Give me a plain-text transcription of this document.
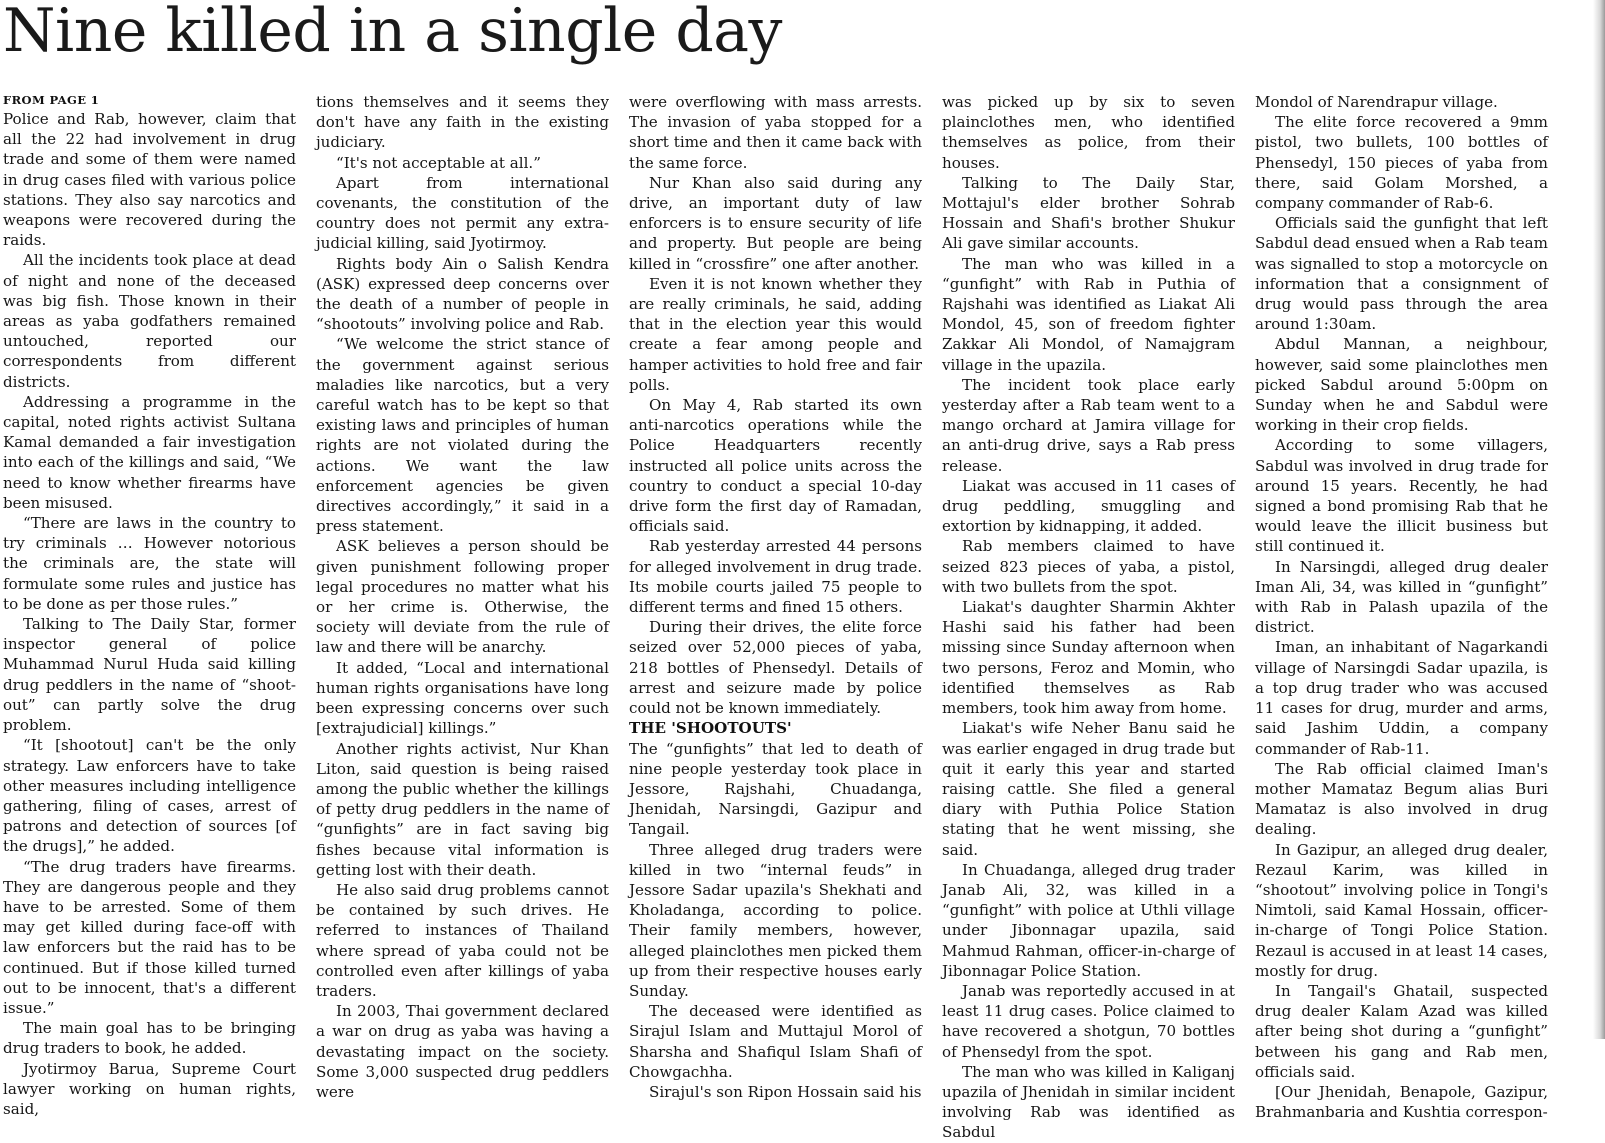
Nine killed in a single day
FROM PAGE 1

Police and Rab, however, claim that all the 22 had involvement in drug trade and some of them were named in drug cases filed with various police stations. They also say narcotics and weapons were recovered during the raids.

All the incidents took place at dead of night and none of the deceased was big fish. Those known in their areas as yaba godfathers remained untouched, reported our correspondents from different districts.

Addressing a programme in the capital, noted rights activist Sultana Kamal demanded a fair investigation into each of the killings and said, “We need to know whether firearms have been misused.

“There are laws in the country to try criminals … However notorious the criminals are, the state will formulate some rules and justice has to be done as per those rules.”

Talking to The Daily Star, former inspector general of police Muhammad Nurul Huda said killing drug peddlers in the name of “shoot-out” can partly solve the drug problem.

“It [shootout] can't be the only strategy. Law enforcers have to take other measures including intelligence gathering, filing of cases, arrest of patrons and detection of sources [of the drugs],” he added.

“The drug traders have firearms. They are dangerous people and they have to be arrested. Some of them may get killed during face-off with law enforcers but the raid has to be continued. But if those killed turned out to be innocent, that's a different issue.”

The main goal has to be bringing drug traders to book, he added.

Jyotirmoy Barua, Supreme Court lawyer working on human rights, said,

tions themselves and it seems they don't have any faith in the existing judiciary.

“It's not acceptable at all.”

Apart from international covenants, the constitution of the country does not permit any extra-judicial killing, said Jyotirmoy.

Rights body Ain o Salish Kendra (ASK) expressed deep concerns over the death of a number of people in “shootouts” involving police and Rab.

“We welcome the strict stance of the government against serious maladies like narcotics, but a very careful watch has to be kept so that existing laws and principles of human rights are not violated during the actions. We want the law enforcement agencies be given directives accordingly,” it said in a press statement.

ASK believes a person should be given punishment following proper legal procedures no matter what his or her crime is. Otherwise, the society will deviate from the rule of law and there will be anarchy.

It added, “Local and international human rights organisations have long been expressing concerns over such [extrajudicial] killings.”

Another rights activist, Nur Khan Liton, said question is being raised among the public whether the killings of petty drug peddlers in the name of “gunfights” are in fact saving big fishes because vital information is getting lost with their death.

He also said drug problems cannot be contained by such drives. He referred to instances of Thailand where spread of yaba could not be controlled even after killings of yaba traders.

In 2003, Thai government declared a war on drug as yaba was having a devastating impact on the society. Some 3,000 suspected drug peddlers were

were overflowing with mass arrests. The invasion of yaba stopped for a short time and then it came back with the same force.

Nur Khan also said during any drive, an important duty of law enforcers is to ensure security of life and property. But people are being killed in “crossfire” one after another.

Even it is not known whether they are really criminals, he said, adding that in the election year this would create a fear among people and hamper activities to hold free and fair polls.

On May 4, Rab started its own anti-narcotics operations while the Police Headquarters recently instructed all police units across the country to conduct a special 10-day drive form the first day of Ramadan, officials said.

Rab yesterday arrested 44 persons for alleged involvement in drug trade. Its mobile courts jailed 75 people to different terms and fined 15 others.

During their drives, the elite force seized over 52,000 pieces of yaba, 218 bottles of Phensedyl. Details of arrest and seizure made by police could not be known immediately.

THE 'SHOOTOUTS'

The “gunfights” that led to death of nine people yesterday took place in Jessore, Rajshahi, Chuadanga, Jhenidah, Narsingdi, Gazipur and Tangail.

Three alleged drug traders were killed in two “internal feuds” in Jessore Sadar upazila's Shekhati and Kholadanga, according to police. Their family members, however, alleged plainclothes men picked them up from their respective houses early Sunday.

The deceased were identified as Sirajul Islam and Muttajul Morol of Sharsha and Shafiqul Islam Shafi of Chowgachha.

Sirajul's son Ripon Hossain said his

was picked up by six to seven plainclothes men, who identified themselves as police, from their houses.

Talking to The Daily Star, Mottajul's elder brother Sohrab Hossain and Shafi's brother Shukur Ali gave similar accounts.

The man who was killed in a “gunfight” with Rab in Puthia of Rajshahi was identified as Liakat Ali Mondol, 45, son of freedom fighter Zakkar Ali Mondol, of Namajgram village in the upazila.

The incident took place early yesterday after a Rab team went to a mango orchard at Jamira village for an anti-drug drive, says a Rab press release.

Liakat was accused in 11 cases of drug peddling, smuggling and extortion by kidnapping, it added.

Rab members claimed to have seized 823 pieces of yaba, a pistol, with two bullets from the spot.

Liakat's daughter Sharmin Akhter Hashi said his father had been missing since Sunday afternoon when two persons, Feroz and Momin, who identified themselves as Rab members, took him away from home.

Liakat's wife Neher Banu said he was earlier engaged in drug trade but quit it early this year and started raising cattle. She filed a general diary with Puthia Police Station stating that he went missing, she said.

In Chuadanga, alleged drug trader Janab Ali, 32, was killed in a “gunfight” with police at Uthli village under Jibonnagar upazila, said Mahmud Rahman, officer-in-charge of Jibonnagar Police Station.

Janab was reportedly accused in at least 11 drug cases. Police claimed to have recovered a shotgun, 70 bottles of Phensedyl from the spot.

The man who was killed in Kaliganj upazila of Jhenidah in similar incident involving Rab was identified as Sabdul

Mondol of Narendrapur village.

The elite force recovered a 9mm pistol, two bullets, 100 bottles of Phensedyl, 150 pieces of yaba from there, said Golam Morshed, a company commander of Rab-6.

Officials said the gunfight that left Sabdul dead ensued when a Rab team was signalled to stop a motorcycle on information that a consignment of drug would pass through the area around 1:30am.

Abdul Mannan, a neighbour, however, said some plainclothes men picked Sabdul around 5:00pm on Sunday when he and Sabdul were working in their crop fields.

According to some villagers, Sabdul was involved in drug trade for around 15 years. Recently, he had signed a bond promising Rab that he would leave the illicit business but still continued it.

In Narsingdi, alleged drug dealer Iman Ali, 34, was killed in “gunfight” with Rab in Palash upazila of the district.

Iman, an inhabitant of Nagarkandi village of Narsingdi Sadar upazila, is a top drug trader who was accused 11 cases for drug, murder and arms, said Jashim Uddin, a company commander of Rab-11.

The Rab official claimed Iman's mother Mamataz Begum alias Buri Mamataz is also involved in drug dealing.

In Gazipur, an alleged drug dealer, Rezaul Karim, was killed in “shootout” involving police in Tongi's Nimtoli, said Kamal Hossain, officer-in-charge of Tongi Police Station. Rezaul is accused in at least 14 cases, mostly for drug.

In Tangail's Ghatail, suspected drug dealer Kalam Azad was killed after being shot during a “gunfight” between his gang and Rab men, officials said.

[Our Jhenidah, Benapole, Gazipur, Brahmanbaria and Kushtia correspon-
